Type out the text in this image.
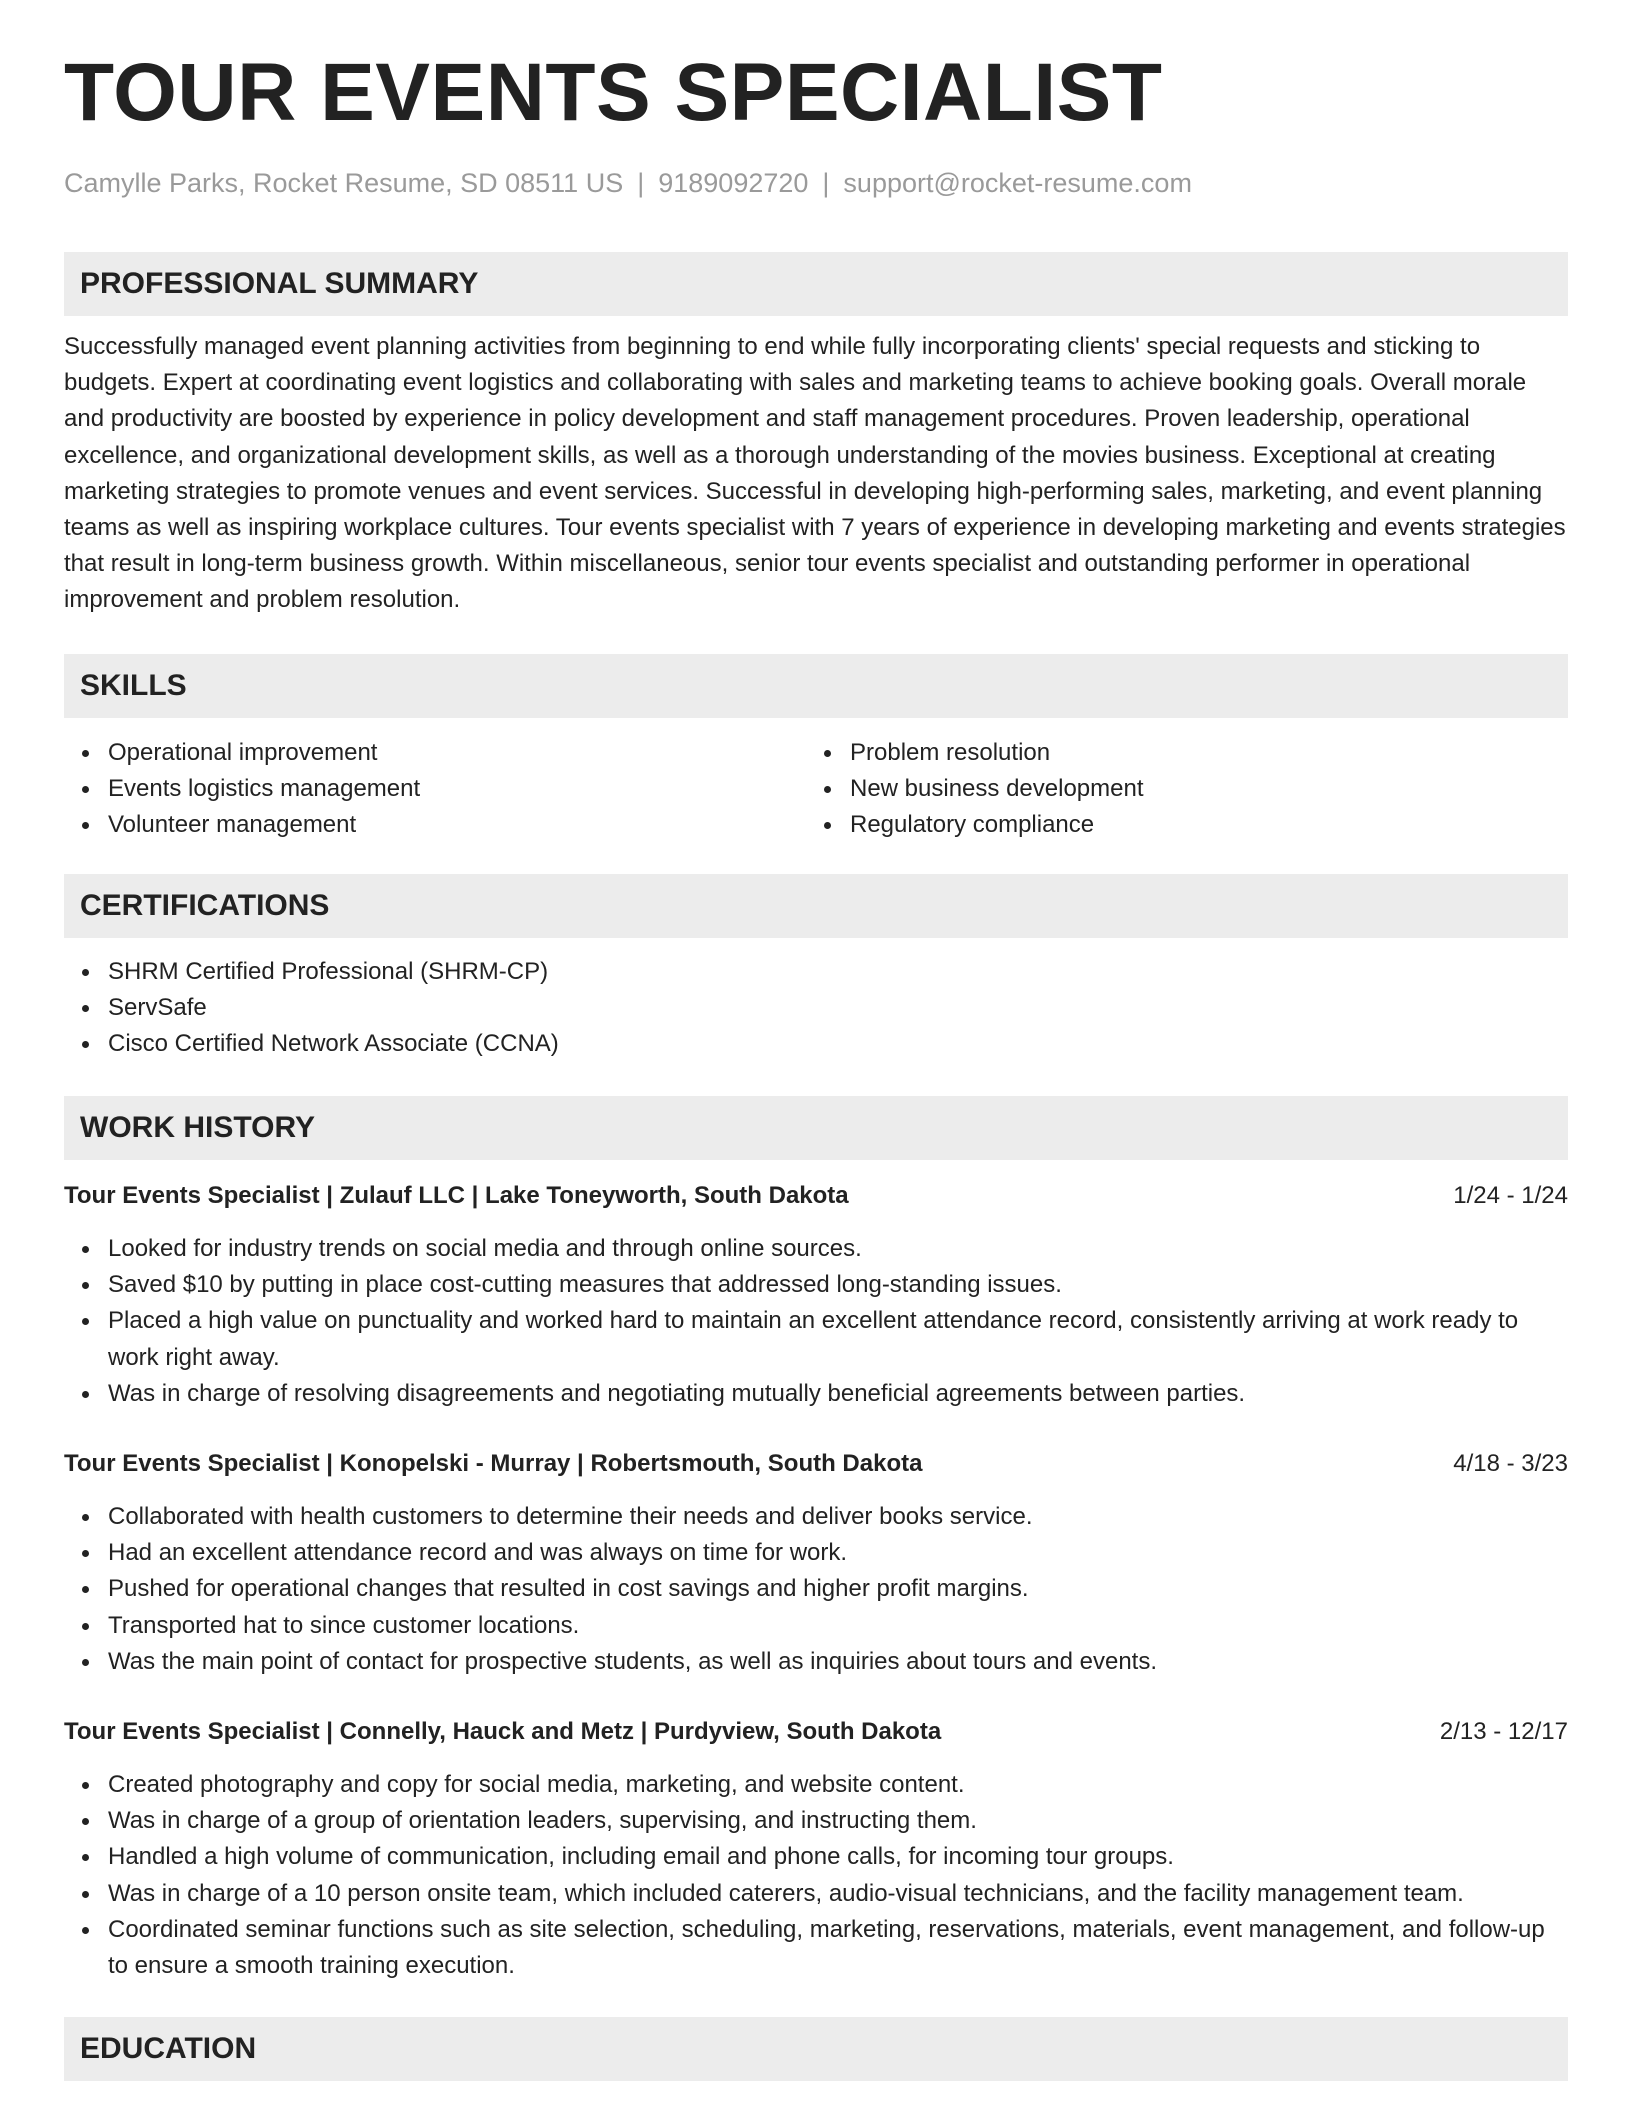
TOUR EVENTS SPECIALIST
Camylle Parks, Rocket Resume, SD 08511 US | 9189092720 | support@rocket-resume.com
PROFESSIONAL SUMMARY
Successfully managed event planning activities from beginning to end while fully incorporating clients' special requests and sticking to budgets. Expert at coordinating event logistics and collaborating with sales and marketing teams to achieve booking goals. Overall morale and productivity are boosted by experience in policy development and staff management procedures. Proven leadership, operational excellence, and organizational development skills, as well as a thorough understanding of the movies business. Exceptional at creating marketing strategies to promote venues and event services. Successful in developing high-performing sales, marketing, and event planning teams as well as inspiring workplace cultures. Tour events specialist with 7 years of experience in developing marketing and events strategies that result in long-term business growth. Within miscellaneous, senior tour events specialist and outstanding performer in operational improvement and problem resolution.
SKILLS
Operational improvement
Events logistics management
Volunteer management
Problem resolution
New business development
Regulatory compliance
CERTIFICATIONS
SHRM Certified Professional (SHRM-CP)
ServSafe
Cisco Certified Network Associate (CCNA)
WORK HISTORY
Tour Events Specialist | Zulauf LLC | Lake Toneyworth, South Dakota	1/24 - 1/24
Looked for industry trends on social media and through online sources.
Saved $10 by putting in place cost-cutting measures that addressed long-standing issues.
Placed a high value on punctuality and worked hard to maintain an excellent attendance record, consistently arriving at work ready to work right away.
Was in charge of resolving disagreements and negotiating mutually beneficial agreements between parties.
Tour Events Specialist | Konopelski - Murray | Robertsmouth, South Dakota	4/18 - 3/23
Collaborated with health customers to determine their needs and deliver books service.
Had an excellent attendance record and was always on time for work.
Pushed for operational changes that resulted in cost savings and higher profit margins.
Transported hat to since customer locations.
Was the main point of contact for prospective students, as well as inquiries about tours and events.
Tour Events Specialist | Connelly, Hauck and Metz | Purdyview, South Dakota	2/13 - 12/17
Created photography and copy for social media, marketing, and website content.
Was in charge of a group of orientation leaders, supervising, and instructing them.
Handled a high volume of communication, including email and phone calls, for incoming tour groups.
Was in charge of a 10 person onsite team, which included caterers, audio-visual technicians, and the facility management team.
Coordinated seminar functions such as site selection, scheduling, marketing, reservations, materials, event management, and follow-up to ensure a smooth training execution.
EDUCATION
